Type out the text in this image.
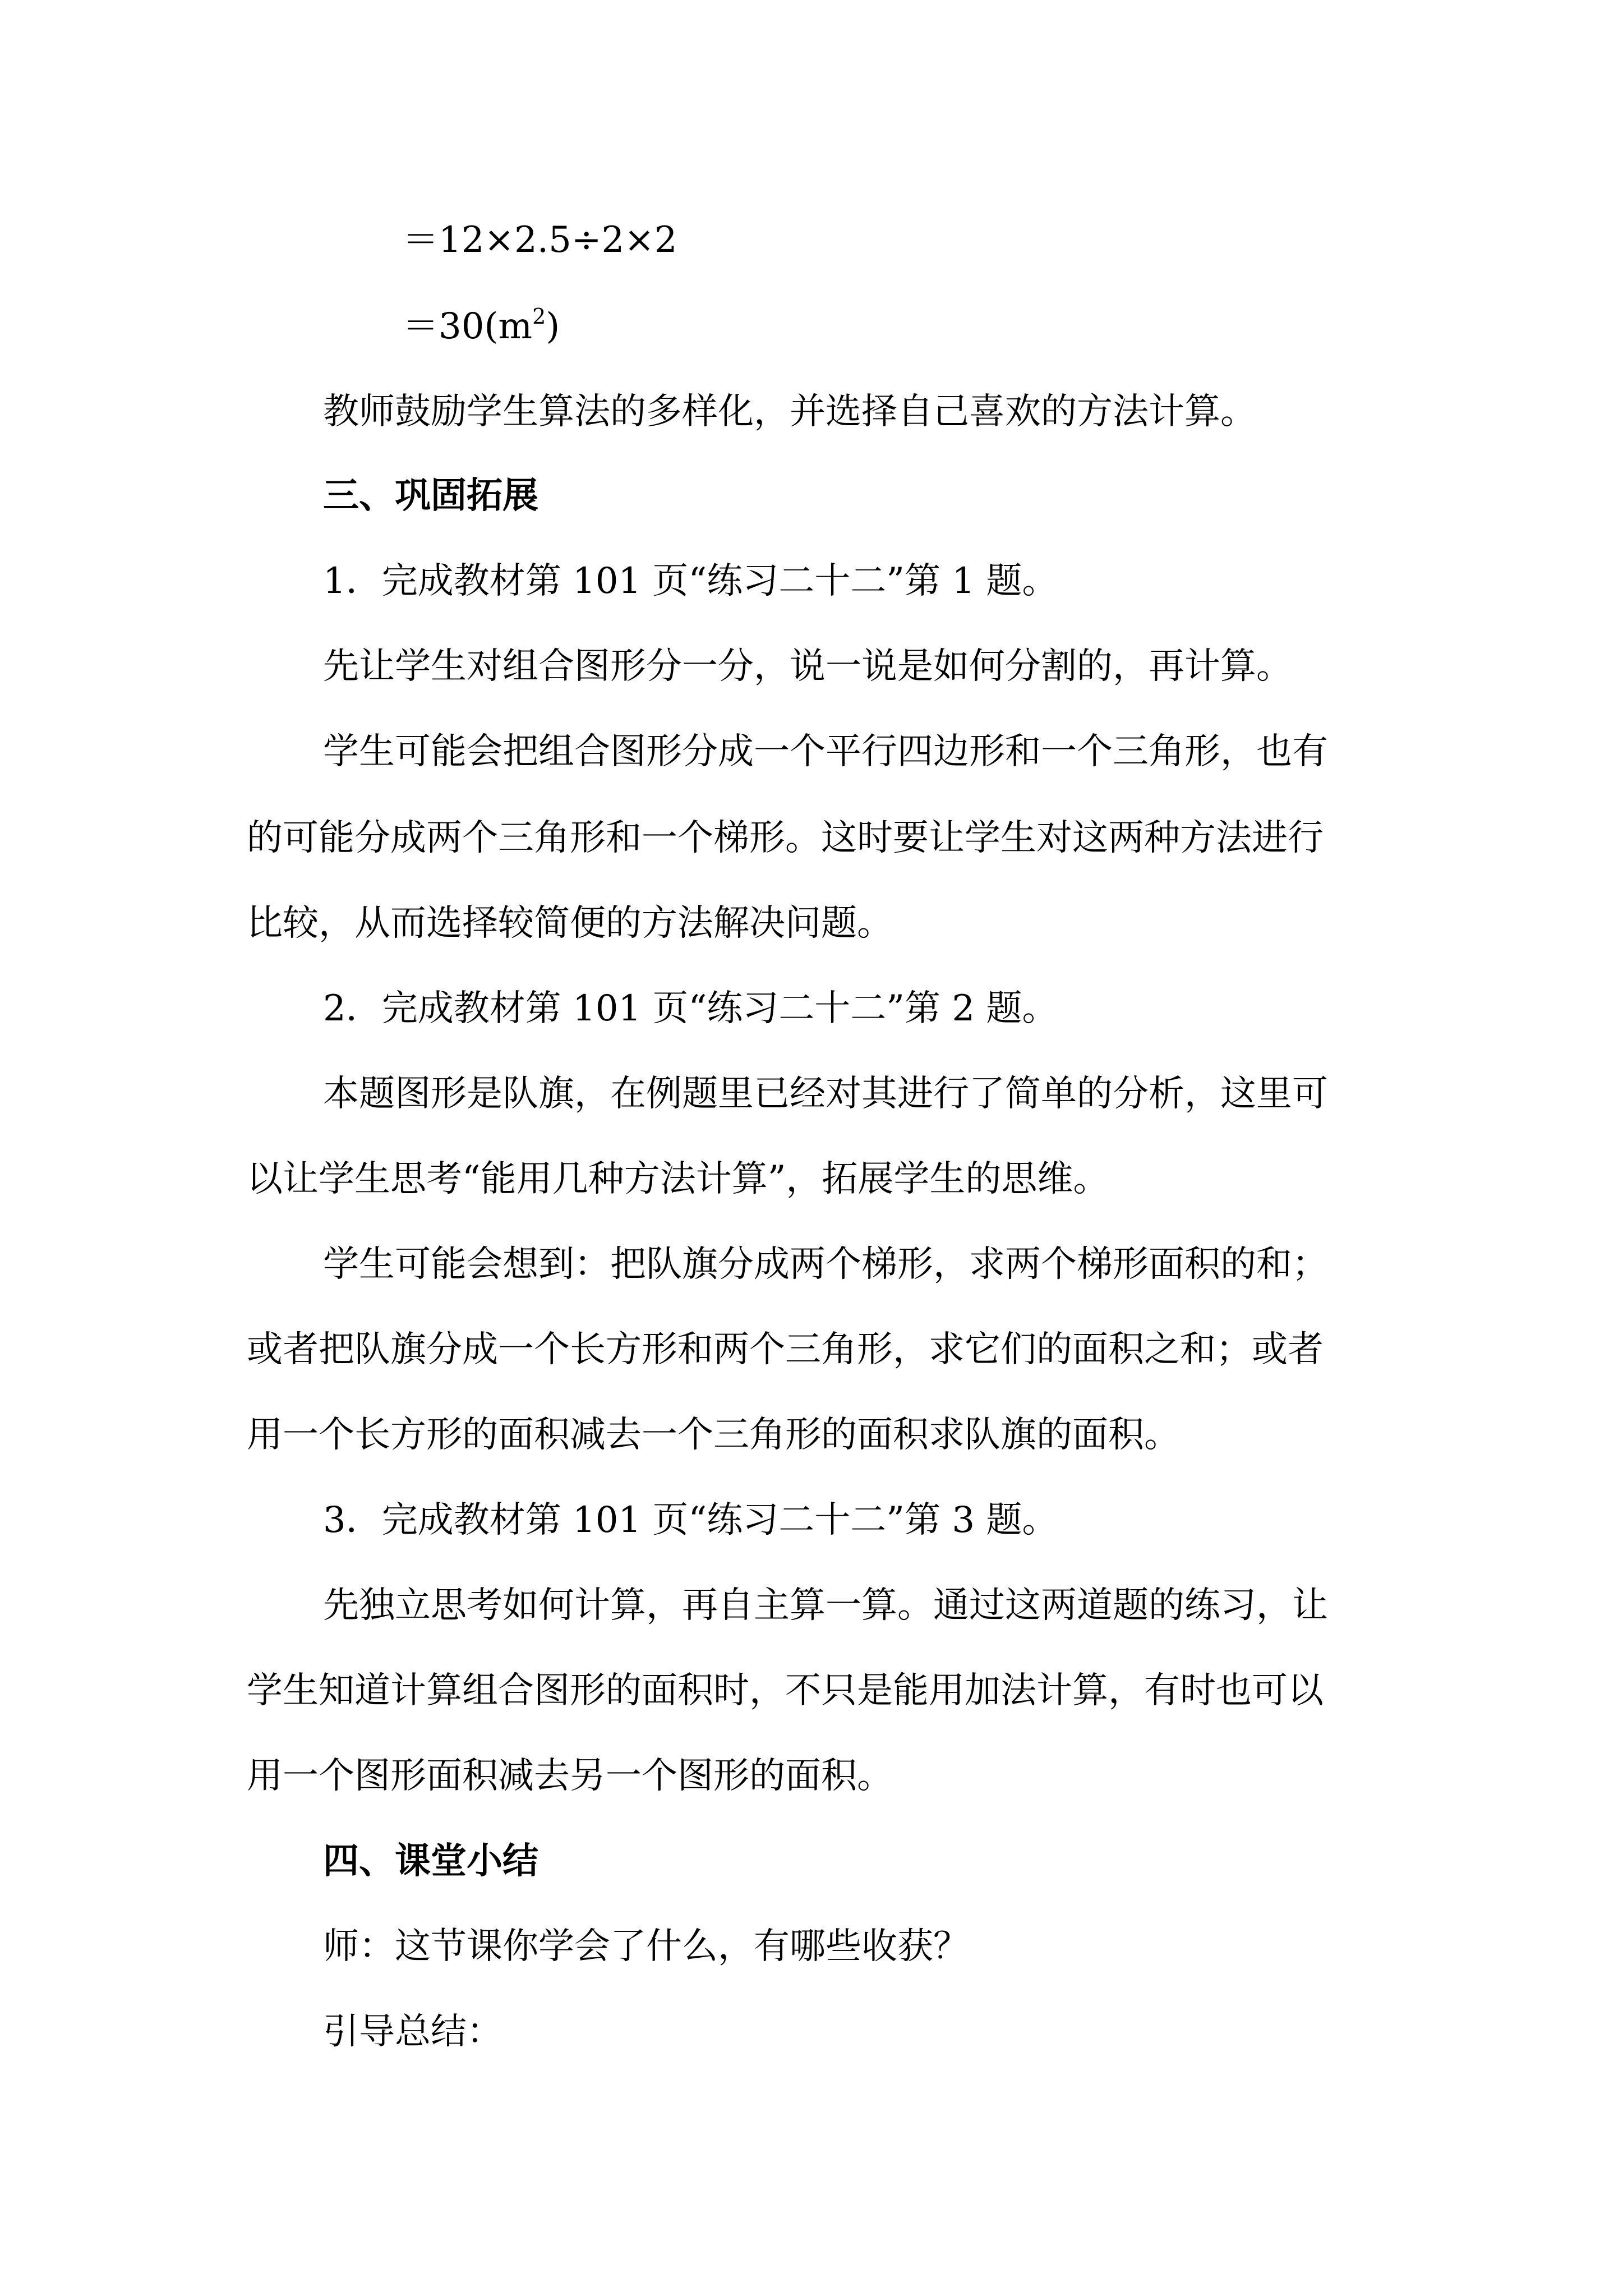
＝12×2.5÷2×2

$=30(m^2)$

教师鼓励学生算法的多样化，并选择自己喜欢的方法计算。

三、巩固拓展

1．完成教材第 101 页“练习二十二”第 1 题。

先让学生对组合图形分一分，说一说是如何分割的，再计算。

学生可能会把组合图形分成一个平行四边形和一个三角形，也有

的可能分成两个三角形和一个梯形。这时要让学生对这两种方法进行

比较，从而选择较简便的方法解决问题。

2．完成教材第 101 页“练习二十二”第 2 题。

本题图形是队旗，在例题里已经对其进行了简单的分析，这里可

以让学生思考“能用几种方法计算”，拓展学生的思维。

学生可能会想到：把队旗分成两个梯形，求两个梯形面积的和；

或者把队旗分成一个长方形和两个三角形，求它们的面积之和；或者

用一个长方形的面积减去一个三角形的面积求队旗的面积。

3．完成教材第 101 页“练习二十二”第 3 题。

先独立思考如何计算，再自主算一算。通过这两道题的练习，让

学生知道计算组合图形的面积时，不只是能用加法计算，有时也可以

用一个图形面积减去另一个图形的面积。

四、课堂小结

师：这节课你学会了什么，有哪些收获？

引导总结：
